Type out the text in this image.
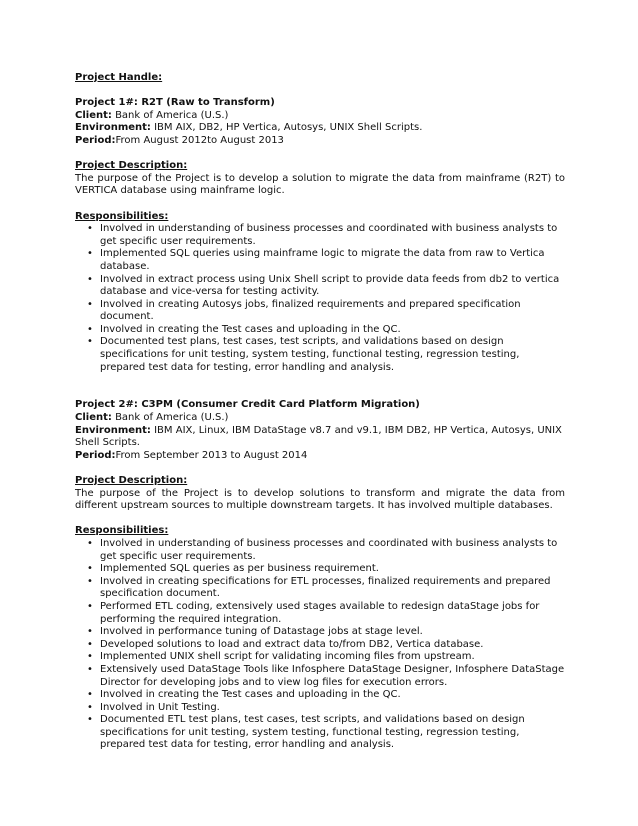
Project Handle:
Project 1#: R2T (Raw to Transform)
Client: Bank of America (U.S.)
Environment: IBM AIX, DB2, HP Vertica, Autosys, UNIX Shell Scripts.
Period:From August 2012to August 2013
Project Description:
The purpose of the Project is to develop a solution to migrate the data from mainframe (R2T) to VERTICA database using mainframe logic.
Responsibilities:
• Involved in understanding of business processes and coordinated with business analysts to get specific user requirements.
• Implemented SQL queries using mainframe logic to migrate the data from raw to Vertica database.
• Involved in extract process using Unix Shell script to provide data feeds from db2 to vertica database and vice-versa for testing activity.
• Involved in creating Autosys jobs, finalized requirements and prepared specification document.
• Involved in creating the Test cases and uploading in the QC.
• Documented test plans, test cases, test scripts, and validations based on design specifications for unit testing, system testing, functional testing, regression testing, prepared test data for testing, error handling and analysis.
Project 2#: C3PM (Consumer Credit Card Platform Migration)
Client: Bank of America (U.S.)
Environment: IBM AIX, Linux, IBM DataStage v8.7 and v9.1, IBM DB2, HP Vertica, Autosys, UNIX Shell Scripts.
Period:From September 2013 to August 2014
Project Description:
The purpose of the Project is to develop solutions to transform and migrate the data from different upstream sources to multiple downstream targets. It has involved multiple databases.
Responsibilities:
• Involved in understanding of business processes and coordinated with business analysts to get specific user requirements.
• Implemented SQL queries as per business requirement.
• Involved in creating specifications for ETL processes, finalized requirements and prepared specification document.
• Performed ETL coding, extensively used stages available to redesign dataStage jobs for performing the required integration.
• Involved in performance tuning of Datastage jobs at stage level.
• Developed solutions to load and extract data to/from DB2, Vertica database.
• Implemented UNIX shell script for validating incoming files from upstream.
• Extensively used DataStage Tools like Infosphere DataStage Designer, Infosphere DataStage Director for developing jobs and to view log files for execution errors.
• Involved in creating the Test cases and uploading in the QC.
• Involved in Unit Testing.
• Documented ETL test plans, test cases, test scripts, and validations based on design specifications for unit testing, system testing, functional testing, regression testing, prepared test data for testing, error handling and analysis.
